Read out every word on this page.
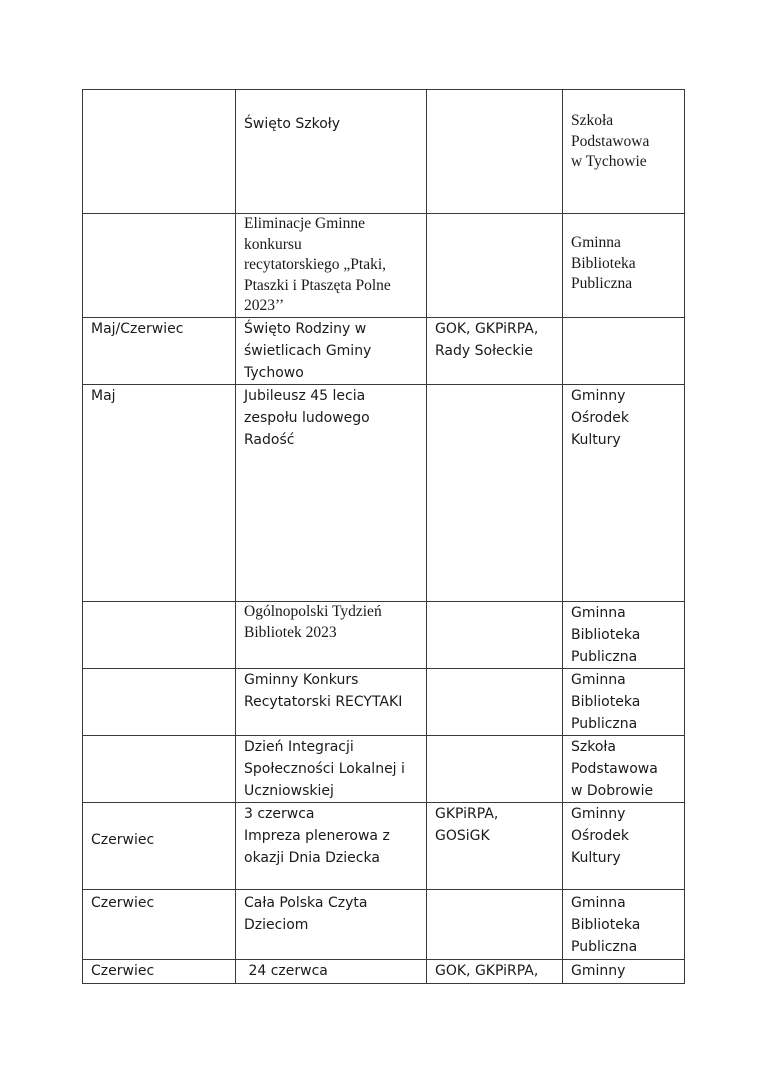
	Święto Szkoły		Szkoła
Podstawowa
w Tychowie

	Eliminacje Gminne
konkursu
recytatorskiego „Ptaki,
Ptaszki i Ptaszęta Polne
2023’’		Gminna
Biblioteka
Publiczna

Maj/Czerwiec	Święto Rodziny w
świetlicach Gminy
Tychowo	GOK, GKPiRPA,
Rady Sołeckie	

Maj	Jubileusz 45 lecia
zespołu ludowego
Radość		Gminny
Ośrodek
Kultury

	Ogólnopolski Tydzień
Bibliotek 2023		Gminna
Biblioteka
Publiczna

	Gminny Konkurs
Recytatorski RECYTAKI		Gminna
Biblioteka
Publiczna

	Dzień Integracji
Społeczności Lokalnej i
Uczniowskiej		Szkoła
Podstawowa
w Dobrowie

Czerwiec	3 czerwca
Impreza plenerowa z
okazji Dnia Dziecka	GKPiRPA,
GOSiGK	Gminny
Ośrodek
Kultury

Czerwiec	Cała Polska Czyta
Dzieciom		Gminna
Biblioteka
Publiczna

Czerwiec	24 czerwca	GOK, GKPiRPA,	Gminny
